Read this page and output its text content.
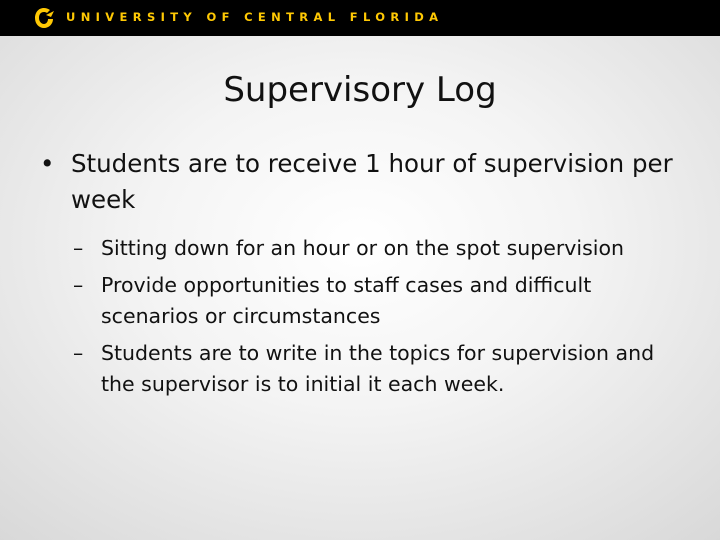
UNIVERSITY OF CENTRAL FLORIDA
Supervisory Log
• Students are to receive 1 hour of supervision per week
– Sitting down for an hour or on the spot supervision
– Provide opportunities to staff cases and difficult scenarios or circumstances
– Students are to write in the topics for supervision and the supervisor is to initial it each week.
